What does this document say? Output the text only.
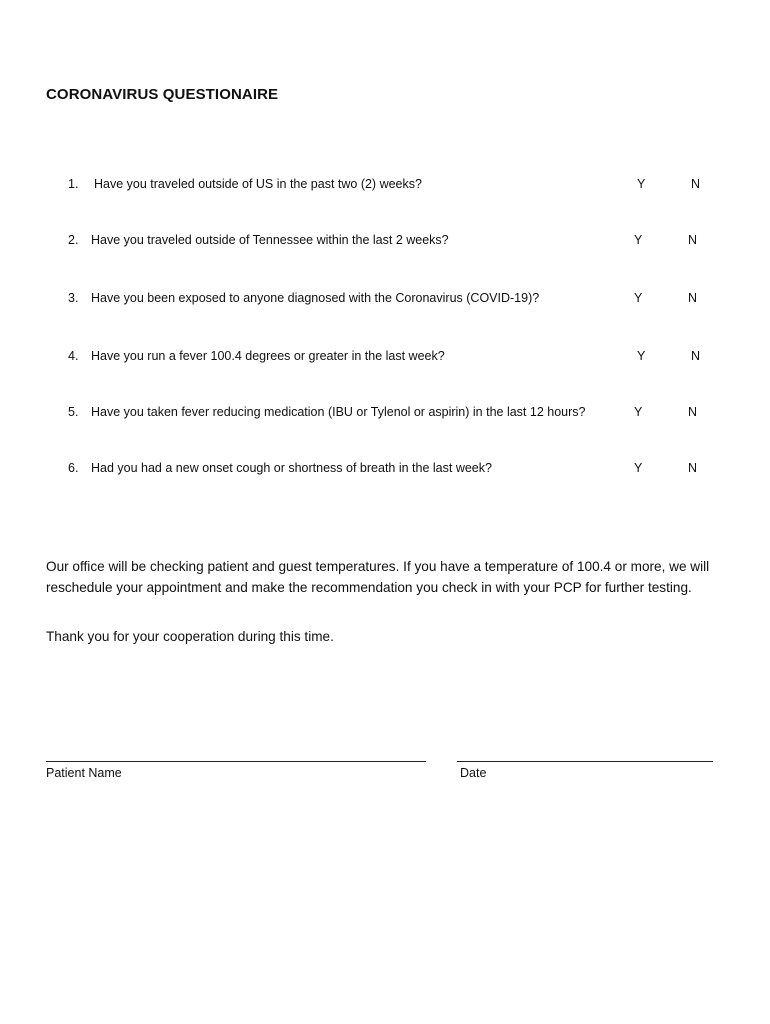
CORONAVIRUS QUESTIONAIRE
1. Have you traveled outside of US in the past two (2) weeks?	Y	N
2. Have you traveled outside of Tennessee within the last 2 weeks?	Y	N
3. Have you been exposed to anyone diagnosed with the Coronavirus (COVID-19)?	Y	N
4. Have you run a fever 100.4 degrees or greater in the last week?	Y	N
5. Have you taken fever reducing medication (IBU or Tylenol or aspirin) in the last 12 hours?	Y	N
6. Had you had a new onset cough or shortness of breath in the last week?	Y	N
Our office will be checking patient and guest temperatures. If you have a temperature of 100.4 or more, we will reschedule your appointment and make the recommendation you check in with your PCP for further testing.
Thank you for your cooperation during this time.
Patient Name	Date
